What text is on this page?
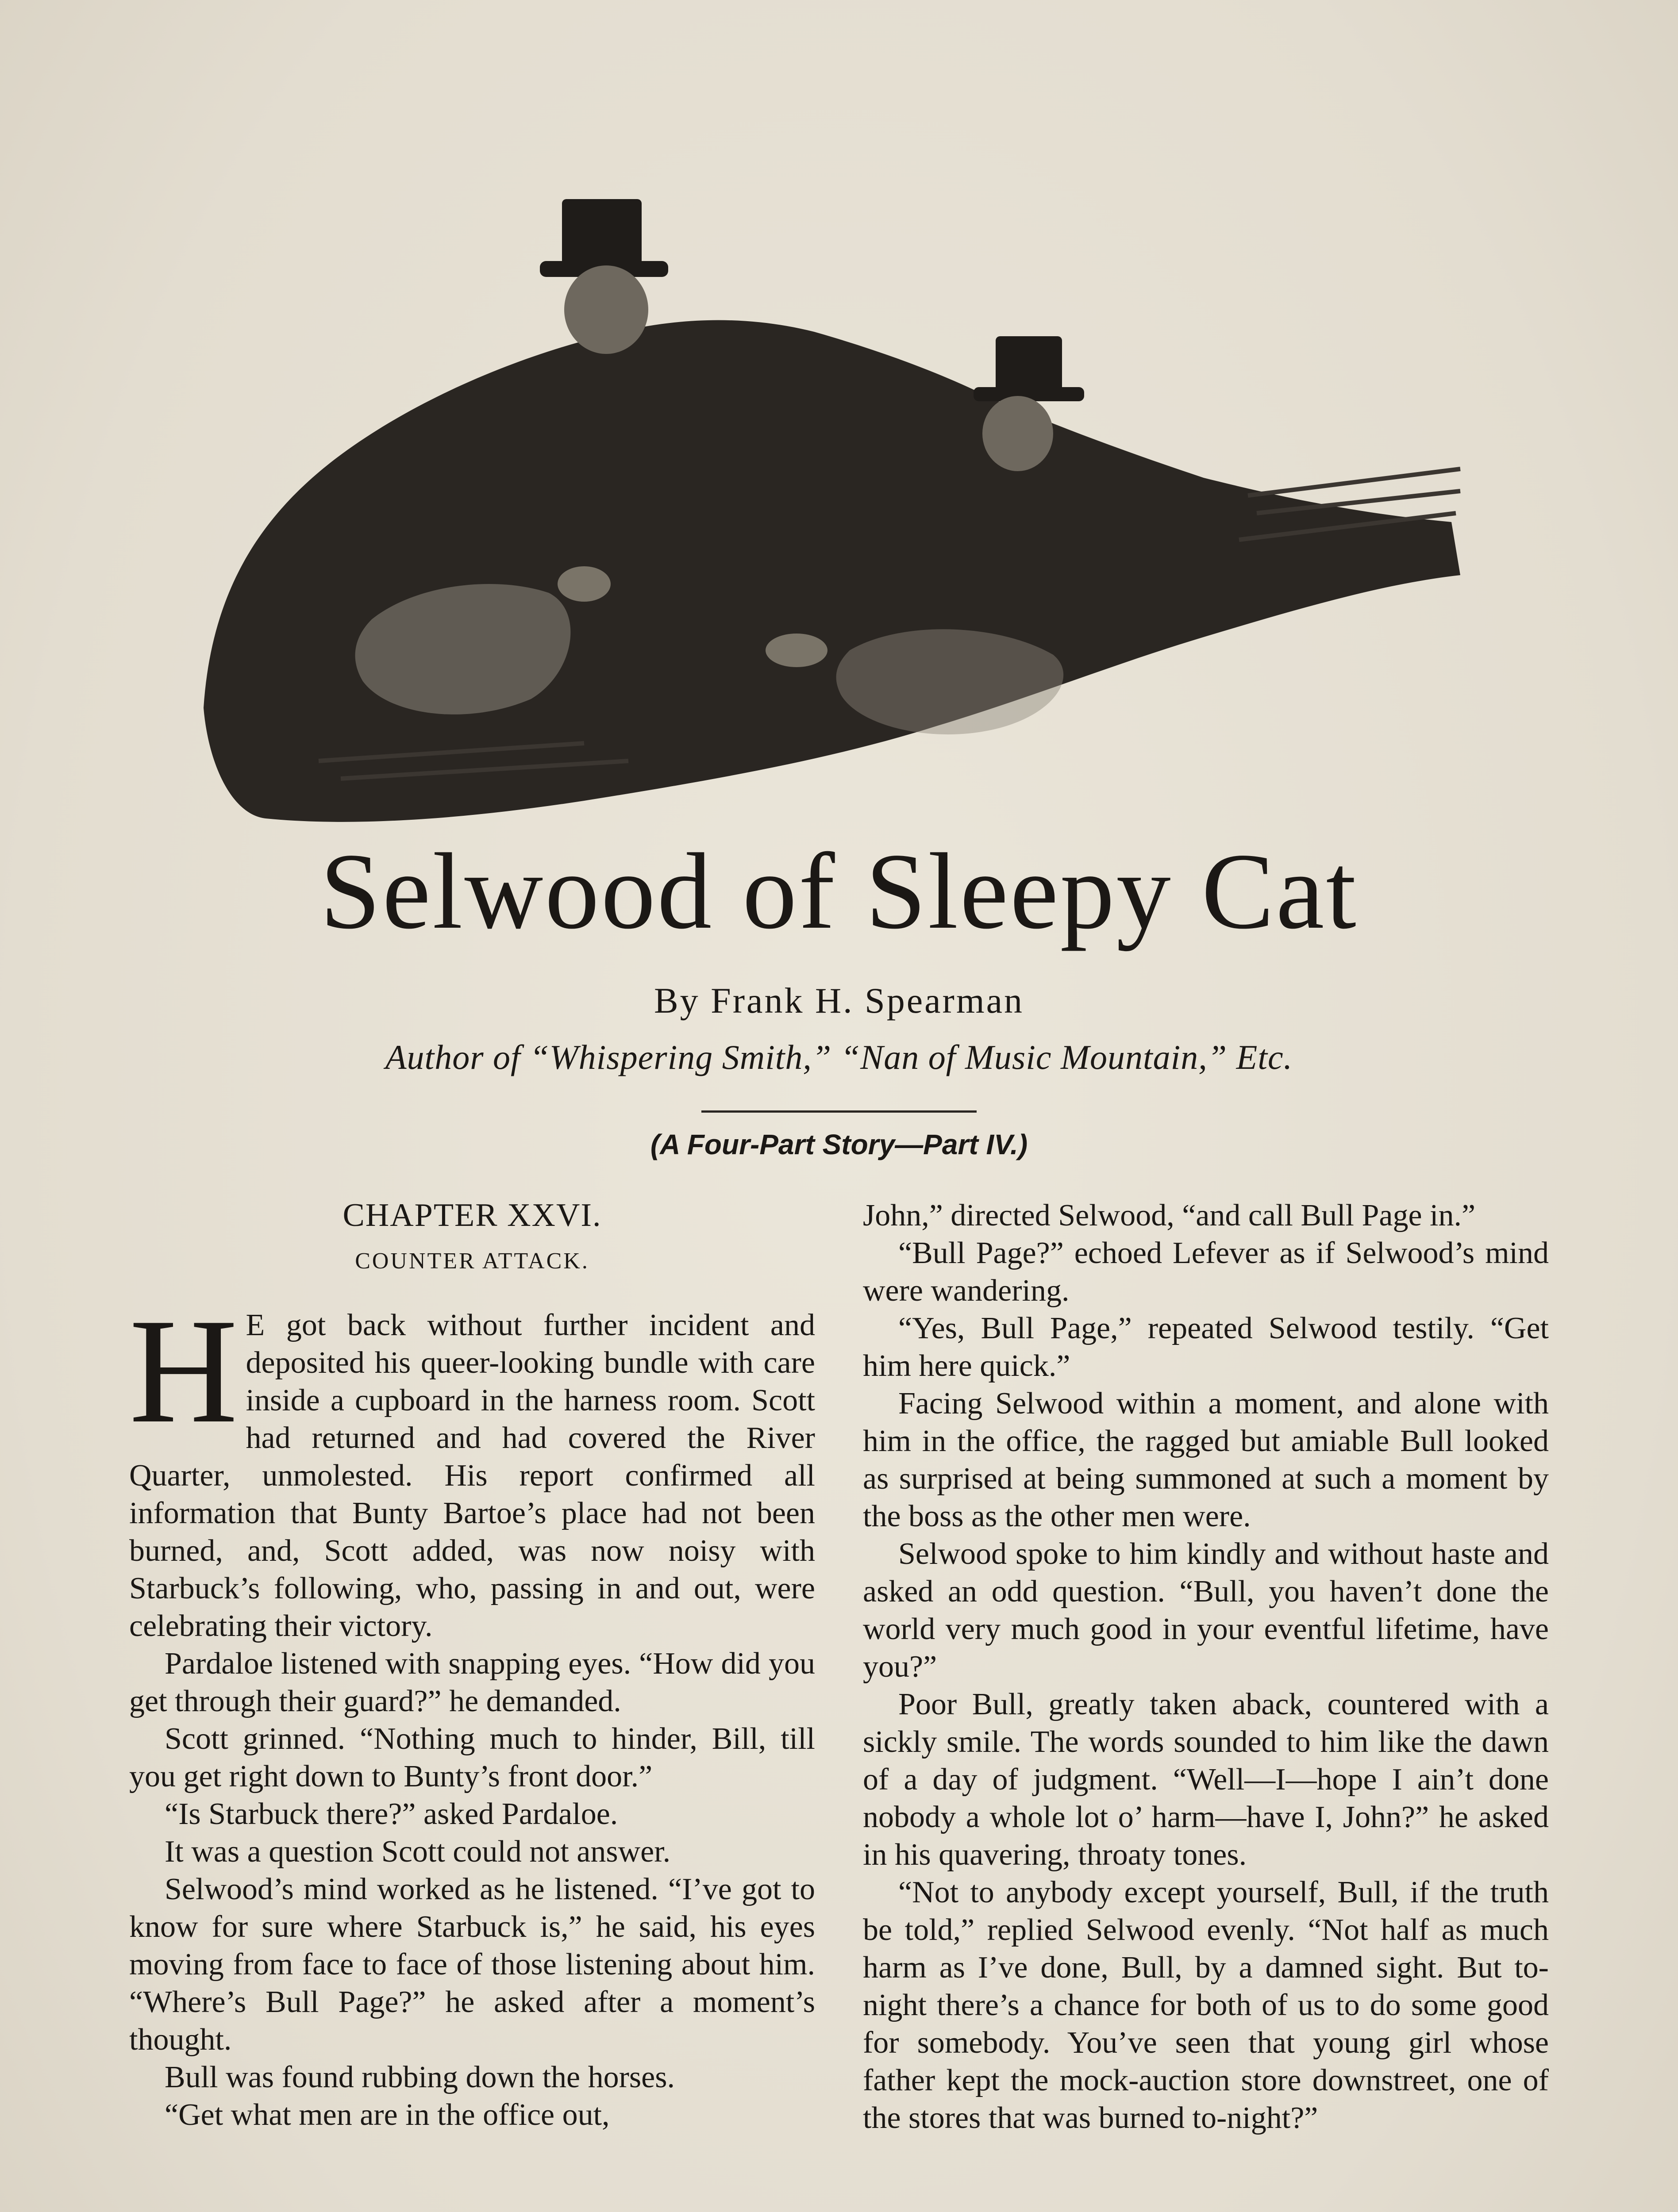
Selwood of Sleepy Cat
By Frank H. Spearman
Author of “Whispering Smith,” “Nan of Music Mountain,” Etc.
(A Four-Part Story—Part IV.)
CHAPTER XXVI.
COUNTER ATTACK.

H E got back without further incident and deposited his queer-looking bundle with care inside a cupboard in the harness room. Scott had returned and had covered the River Quarter, unmolested. His report confirmed all information that Bunty Bartoe’s place had not been burned, and, Scott added, was now noisy with Starbuck’s following, who, passing in and out, were celebrating their victory.

Pardaloe listened with snapping eyes. “How did you get through their guard?” he demanded.

Scott grinned. “Nothing much to hinder, Bill, till you get right down to Bunty’s front door.”

“Is Starbuck there?” asked Pardaloe.

It was a question Scott could not answer.

Selwood’s mind worked as he listened. “I’ve got to know for sure where Starbuck is,” he said, his eyes moving from face to face of those listening about him. “Where’s Bull Page?” he asked after a moment’s thought.

Bull was found rubbing down the horses.

“Get what men are in the office out,

John,” directed Selwood, “and call Bull Page in.”

“Bull Page?” echoed Lefever as if Selwood’s mind were wandering.

“Yes, Bull Page,” repeated Selwood testily. “Get him here quick.”

Facing Selwood within a moment, and alone with him in the office, the ragged but amiable Bull looked as surprised at being summoned at such a moment by the boss as the other men were.

Selwood spoke to him kindly and without haste and asked an odd question. “Bull, you haven’t done the world very much good in your eventful lifetime, have you?”

Poor Bull, greatly taken aback, countered with a sickly smile. The words sounded to him like the dawn of a day of judgment. “Well—I—hope I ain’t done nobody a whole lot o’ harm—have I, John?” he asked in his quavering, throaty tones.

“Not to anybody except yourself, Bull, if the truth be told,” replied Selwood evenly. “Not half as much harm as I’ve done, Bull, by a damned sight. But to-night there’s a chance for both of us to do some good for somebody. You’ve seen that young girl whose father kept the mock-auction store downstreet, one of the stores that was burned to-night?”
